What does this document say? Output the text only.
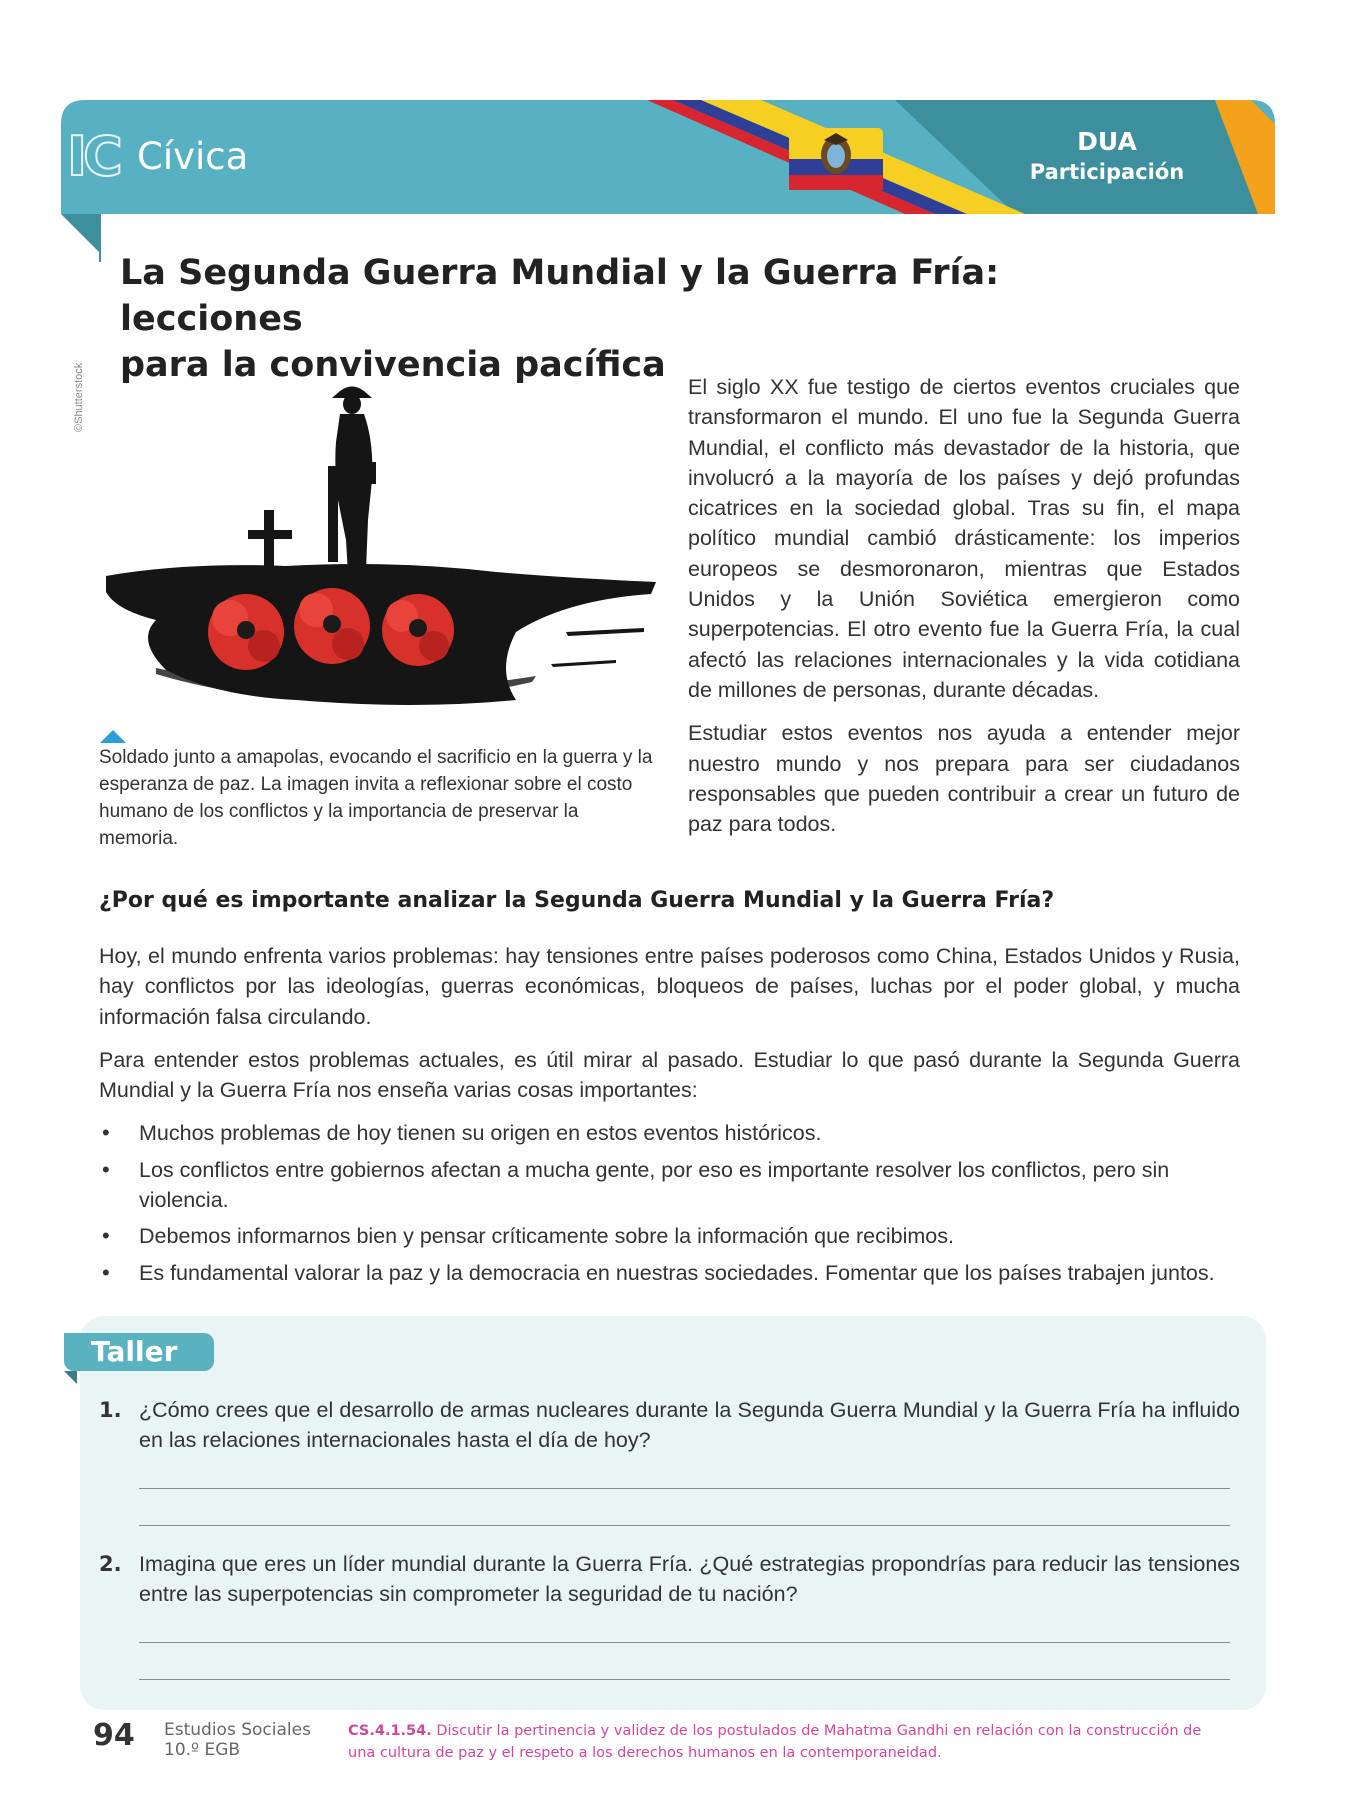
IC Cívica	DUA
Participación
©Shutterstock
La Segunda Guerra Mundial y la Guerra Fría: lecciones
para la convivencia pacífica

Soldado junto a amapolas, evocando el sacrificio en la guerra y la esperanza de paz. La imagen invita a reflexionar sobre el costo humano de los conflictos y la importancia de preservar la memoria.

El siglo XX fue testigo de ciertos eventos cruciales que transformaron el mundo. El uno fue la Segunda Guerra Mundial, el conflicto más devastador de la historia, que involucró a la mayoría de los países y dejó profundas cicatrices en la sociedad global. Tras su fin, el mapa político mundial cambió drásticamente: los imperios europeos se desmoronaron, mientras que Estados Unidos y la Unión Soviética emergieron como superpotencias. El otro evento fue la Guerra Fría, la cual afectó las relaciones internacionales y la vida cotidiana de millones de personas, durante décadas.

Estudiar estos eventos nos ayuda a entender mejor nuestro mundo y nos prepara para ser ciudadanos responsables que pueden contribuir a crear un futuro de paz para todos.

¿Por qué es importante analizar la Segunda Guerra Mundial y la Guerra Fría?

Hoy, el mundo enfrenta varios problemas: hay tensiones entre países poderosos como China, Estados Unidos y Rusia, hay conflictos por las ideologías, guerras económicas, bloqueos de países, luchas por el poder global, y mucha información falsa circulando.

Para entender estos problemas actuales, es útil mirar al pasado. Estudiar lo que pasó durante la Segunda Guerra Mundial y la Guerra Fría nos enseña varias cosas importantes:

• Muchos problemas de hoy tienen su origen en estos eventos históricos.
• Los conflictos entre gobiernos afectan a mucha gente, por eso es importante resolver los conflictos, pero sin violencia.
• Debemos informarnos bien y pensar críticamente sobre la información que recibimos.
• Es fundamental valorar la paz y la democracia en nuestras sociedades. Fomentar que los países trabajen juntos.
Taller
1. ¿Cómo crees que el desarrollo de armas nucleares durante la Segunda Guerra Mundial y la Guerra Fría ha influido en las relaciones internacionales hasta el día de hoy?

2. Imagina que eres un líder mundial durante la Guerra Fría. ¿Qué estrategias propondrías para reducir las tensiones entre las superpotencias sin comprometer la seguridad de tu nación?

94 Estudios Sociales
10.º EGB
CS.4.1.54. Discutir la pertinencia y validez de los postulados de Mahatma Gandhi en relación con la construcción de una cultura de paz y el respeto a los derechos humanos en la contemporaneidad.
